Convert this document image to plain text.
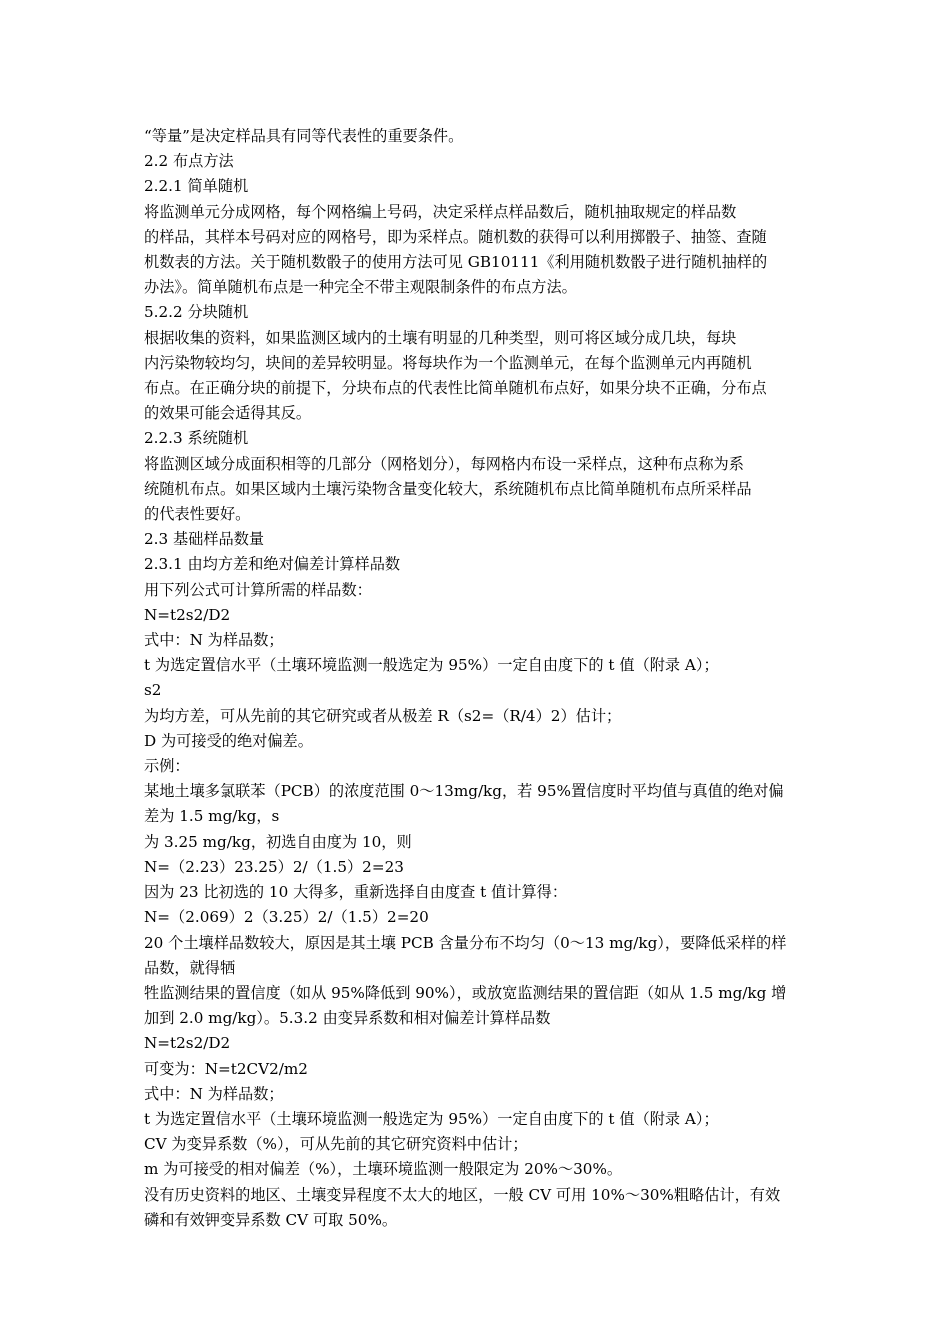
“等量”是决定样品具有同等代表性的重要条件。
2.2 布点方法
2.2.1 简单随机
将监测单元分成网格，每个网格编上号码，决定采样点样品数后，随机抽取规定的样品数
的样品，其样本号码对应的网格号，即为采样点。随机数的获得可以利用掷骰子、抽签、查随
机数表的方法。关于随机数骰子的使用方法可见 GB10111《利用随机数骰子进行随机抽样的
办法》。简单随机布点是一种完全不带主观限制条件的布点方法。
5.2.2 分块随机
根据收集的资料，如果监测区域内的土壤有明显的几种类型，则可将区域分成几块，每块
内污染物较均匀，块间的差异较明显。将每块作为一个监测单元，在每个监测单元内再随机
布点。在正确分块的前提下，分块布点的代表性比简单随机布点好，如果分块不正确，分布点
的效果可能会适得其反。
2.2.3 系统随机
将监测区域分成面积相等的几部分（网格划分），每网格内布设一采样点，这种布点称为系
统随机布点。如果区域内土壤污染物含量变化较大，系统随机布点比简单随机布点所采样品
的代表性要好。
2.3 基础样品数量
2.3.1 由均方差和绝对偏差计算样品数
用下列公式可计算所需的样品数：
N=t2s2/D2
式中：N 为样品数；
t 为选定置信水平（土壤环境监测一般选定为 95%）一定自由度下的 t 值（附录 A）；
s2
为均方差，可从先前的其它研究或者从极差 R（s2=（R/4）2）估计；
D 为可接受的绝对偏差。
示例：
某地土壤多氯联苯（PCB）的浓度范围 0～13mg/kg，若 95%置信度时平均值与真值的绝对偏
差为 1.5 mg/kg，s
为 3.25 mg/kg，初选自由度为 10，则
N=（2.23）23.25）2/（1.5）2=23
因为 23 比初选的 10 大得多，重新选择自由度查 t 值计算得：
N=（2.069）2（3.25）2/（1.5）2=20
20 个土壤样品数较大，原因是其土壤 PCB 含量分布不均匀（0～13 mg/kg），要降低采样的样
品数，就得牺
牲监测结果的置信度（如从 95%降低到 90%），或放宽监测结果的置信距（如从 1.5 mg/kg 增
加到 2.0 mg/kg）。5.3.2 由变异系数和相对偏差计算样品数
N=t2s2/D2
可变为：N=t2CV2/m2
式中：N 为样品数；
t 为选定置信水平（土壤环境监测一般选定为 95%）一定自由度下的 t 值（附录 A）；
CV 为变异系数（%），可从先前的其它研究资料中估计；
m 为可接受的相对偏差（%），土壤环境监测一般限定为 20%～30%。
没有历史资料的地区、土壤变异程度不太大的地区，一般 CV 可用 10%～30%粗略估计，有效
磷和有效钾变异系数 CV 可取 50%。
